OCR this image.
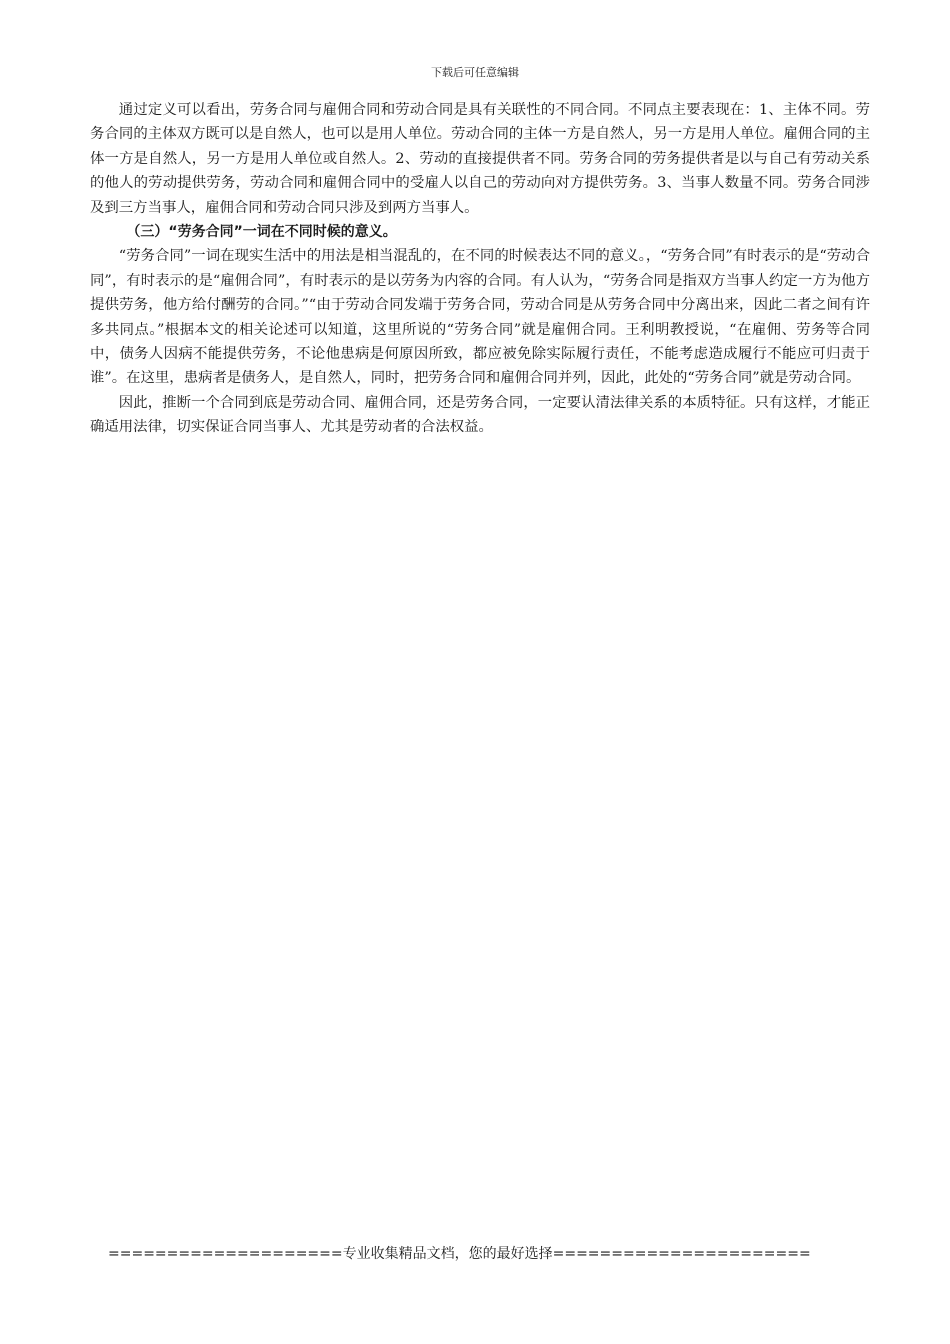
下载后可任意编辑

通过定义可以看出，劳务合同与雇佣合同和劳动合同是具有关联性的不同合同。不同点主要表现在：1、主体不同。劳务合同的主体双方既可以是自然人，也可以是用人单位。劳动合同的主体一方是自然人，另一方是用人单位。雇佣合同的主体一方是自然人，另一方是用人单位或自然人。2、劳动的直接提供者不同。劳务合同的劳务提供者是以与自己有劳动关系的他人的劳动提供劳务，劳动合同和雇佣合同中的受雇人以自己的劳动向对方提供劳务。3、当事人数量不同。劳务合同涉及到三方当事人，雇佣合同和劳动合同只涉及到两方当事人。

（三）“劳务合同”一词在不同时候的意义。

“劳务合同”一词在现实生活中的用法是相当混乱的，在不同的时候表达不同的意义。，“劳务合同”有时表示的是“劳动合同”，有时表示的是“雇佣合同”，有时表示的是以劳务为内容的合同。有人认为，“劳务合同是指双方当事人约定一方为他方提供劳务，他方给付酬劳的合同。”“由于劳动合同发端于劳务合同，劳动合同是从劳务合同中分离出来，因此二者之间有许多共同点。”根据本文的相关论述可以知道，这里所说的“劳务合同”就是雇佣合同。王利明教授说，“在雇佣、劳务等合同中，债务人因病不能提供劳务，不论他患病是何原因所致，都应被免除实际履行责任，不能考虑造成履行不能应可归责于谁”。在这里，患病者是债务人，是自然人，同时，把劳务合同和雇佣合同并列，因此，此处的“劳务合同”就是劳动合同。

因此，推断一个合同到底是劳动合同、雇佣合同，还是劳务合同，一定要认清法律关系的本质特征。只有这样，才能正确适用法律，切实保证合同当事人、尤其是劳动者的合法权益。

====================专业收集精品文档，您的最好选择======================
